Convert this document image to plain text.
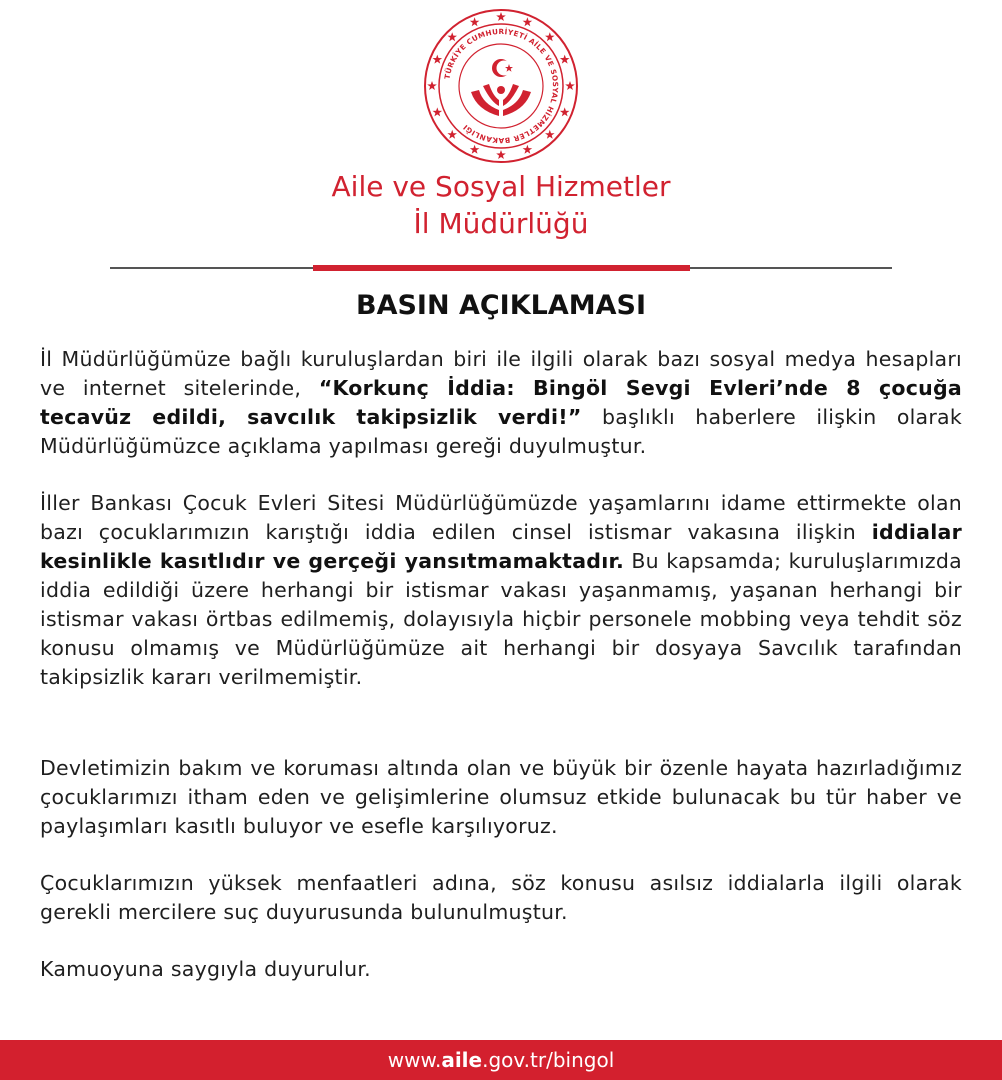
TÜRKİYE CUMHURİYETİ AİLE VE SOSYAL HİZMETLER BAKANLIĞI
Aile ve Sosyal Hizmetler
İl Müdürlüğü
BASIN AÇIKLAMASI
İl Müdürlüğümüze bağlı kuruluşlardan biri ile ilgili olarak bazı sosyal medya hesapları ve internet sitelerinde, “Korkunç İddia: Bingöl Sevgi Evleri’nde 8 çocuğa tecavüz edildi, savcılık takipsizlik verdi!” başlıklı haberlere ilişkin olarak Müdürlüğümüzce açıklama yapılması gereği duyulmuştur.
İller Bankası Çocuk Evleri Sitesi Müdürlüğümüzde yaşamlarını idame ettirmekte olan bazı çocuklarımızın karıştığı iddia edilen cinsel istismar vakasına ilişkin iddialar kesinlikle kasıtlıdır ve gerçeği yansıtmamaktadır. Bu kapsamda; kuruluşlarımızda iddia edildiği üzere herhangi bir istismar vakası yaşanmamış, yaşanan herhangi bir istismar vakası örtbas edilmemiş, dolayısıyla hiçbir personele mobbing veya tehdit söz konusu olmamış ve Müdürlüğümüze ait herhangi bir dosyaya Savcılık tarafından takipsizlik kararı verilmemiştir.
Devletimizin bakım ve koruması altında olan ve büyük bir özenle hayata hazırladığımız çocuklarımızı itham eden ve gelişimlerine olumsuz etkide bulunacak bu tür haber ve paylaşımları kasıtlı buluyor ve esefle karşılıyoruz.
Çocuklarımızın yüksek menfaatleri adına, söz konusu asılsız iddialarla ilgili olarak gerekli mercilere suç duyurusunda bulunulmuştur.
Kamuoyuna saygıyla duyurulur.
www.aile.gov.tr/bingol
